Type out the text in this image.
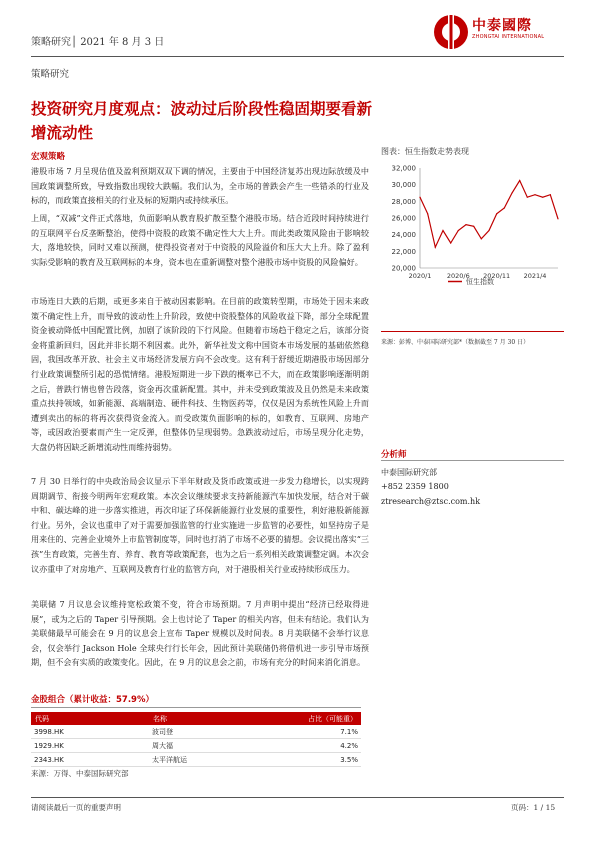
策略研究│ 2021 年 8 月 3 日
中泰國際
ZHONGTAI INTERNATIONAL
策略研究
投资研究月度观点：波动过后阶段性稳固期要看新增流动性
宏观策略
港股市场 7 月呈现估值及盈利预期双双下调的情况，主要由于中国经济复苏出现边际放缓及中国政策调整所致，导致指数出现较大跌幅。我们认为，全市场的普跌会产生一些错杀的行业及标的，而政策直接相关的行业及标的短期内或持续承压。
上周，“双减”文件正式落地，负面影响从教育股扩散至整个港股市场。结合近段时间持续进行的互联网平台反垄断整治，使得中资股的政策不确定性大大上升。而此类政策风险由于影响较大，落地较快，同时又难以预测，使得投资者对于中资股的风险溢价和压大大上升。除了盈利实际受影响的教育及互联网标的本身，资本也在重新调整对整个港股市场中资股的风险偏好。
市场连日大跌的后期，或更多来自于被动因素影响。在目前的政策转型期，市场处于因未来政策不确定性上升，而导致的波动性上升阶段，致使中资股整体的风险收益下降，部分全球配置资金被动降低中国配置比例，加剧了该阶段的下行风险。但随着市场趋于稳定之后，该部分资金将重新回归，因此并非长期不利因素。此外，新华社发文称中国资本市场发展的基础依然稳固，我国改革开放、社会主义市场经济发展方向不会改变。这有利于舒缓近期港股市场因部分行业政策调整所引起的恐慌情绪。港股短期进一步下跌的概率已不大，而在政策影响逐渐明朗之后，普跌行情也曾告段落，资金再次重新配置。其中，并未受到政策波及且仍然是未来政策重点扶持领域，如新能源、高端制造、硬件科技、生物医药等，仅仅是因为系统性风险上升而遭到卖出的标的将再次获得资金流入。而受政策负面影响的标的，如教育、互联网、房地产等，或因政治要素而产生一定反弹，但整体仍呈现弱势。急跌波动过后，市场呈现分化走势，大盘仍将因缺乏新增流动性而维持弱势。
7 月 30 日举行的中央政治局会议显示下半年财政及货币政策或进一步发力稳增长，以实现跨周期调节、衔接今明两年宏观政策。本次会议继续要求支持新能源汽车加快发展，结合对于碳中和、碳达峰的进一步落实推进，再次印证了环保新能源行业发展的重要性，利好港股新能源行业。另外，会议也重申了对于需要加强监管的行业实施进一步监管的必要性，如坚持房子是用来住的、完善企业境外上市监管制度等，同时也打消了市场不必要的猜想。会议提出落实“三孩”生育政策，完善生育、养育、教育等政策配套，也为之后一系列相关政策调整定调。本次会议亦重申了对房地产、互联网及教育行业的监管方向，对于港股相关行业或持续形成压力。
美联储 7 月议息会议维持宽松政策不变，符合市场预期。7 月声明中提出“经济已经取得进展”，或为之后的 Taper 引导预期。会上也讨论了 Taper 的相关内容，但未有结论。我们认为美联储最早可能会在 9 月的议息会上宣布 Taper 规模以及时间表。8 月美联储不会举行议息会，仅会举行 Jackson Hole 全球央行行长年会，因此预计美联储仍将借机进一步引导市场预期，但不会有实质的政策变化。因此，在 9 月的议息会之前，市场有充分的时间来消化消息。
金股组合（累计收益：57.9%）
代码	名称	占比（可能重）
3998.HK	波司登	7.1%
1929.HK	周大福	4.2%
2343.HK	太平洋航运	3.5%
来源：万得、中泰国际研究部
图表：恒生指数走势表现
20,000
22,000
24,000
26,000
28,000
30,000
32,000
2020/1 2020/6 2020/11 2021/4
恒生指数
来源：彭博、中泰国际研究部*（数据截至 7 月 30 日）
分析师
中泰国际研究部
+852 2359 1800
ztresearch@ztsc.com.hk
请阅读最后一页的重要声明	页码：1 / 15
